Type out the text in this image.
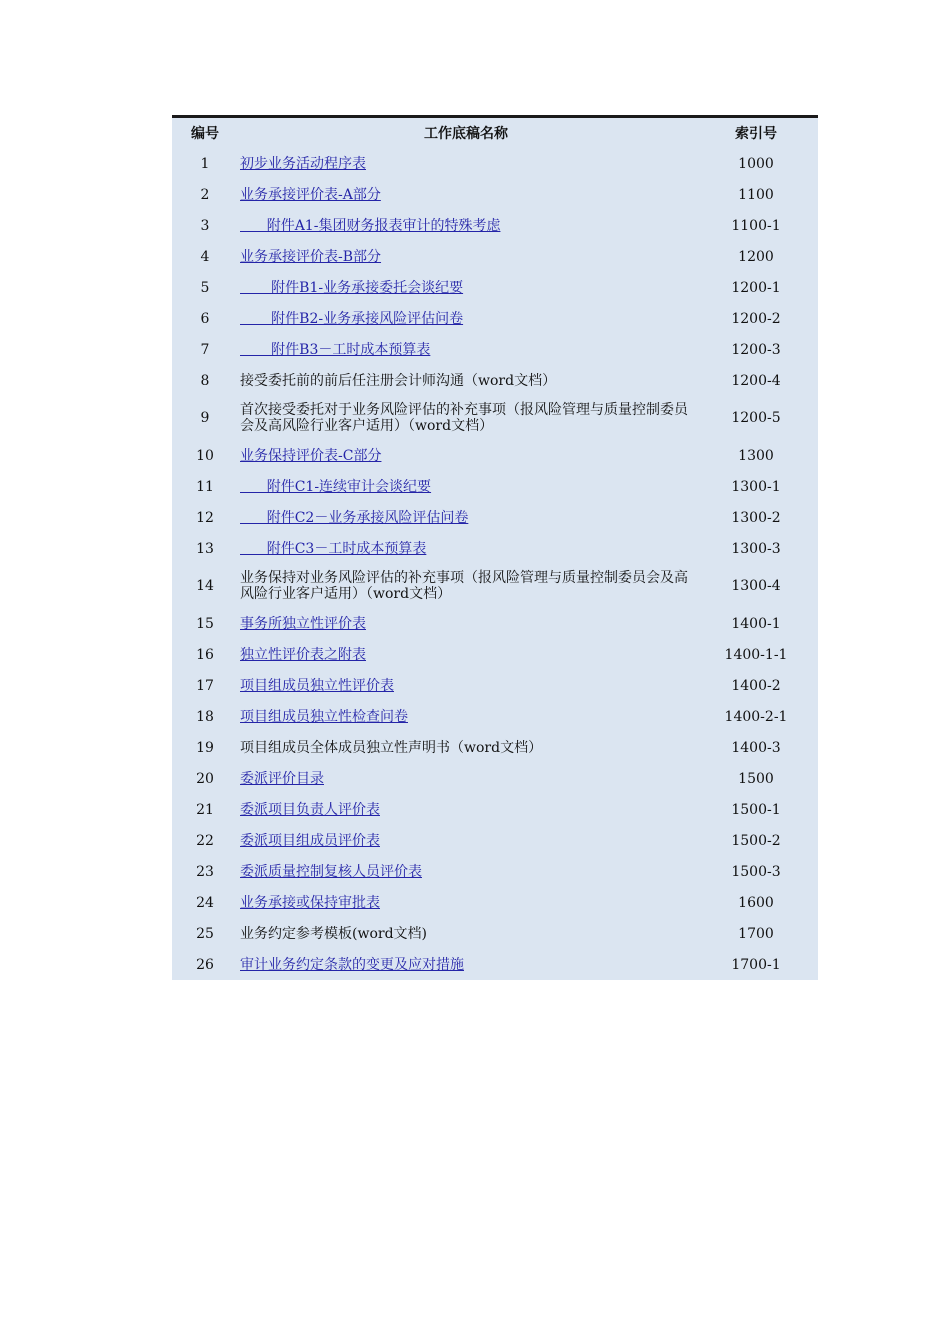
编号	工作底稿名称	索引号
1	初步业务活动程序表	1000
2	业务承接评价表-A部分	1100
3	附件A1-集团财务报表审计的特殊考虑	1100-1
4	业务承接评价表-B部分	1200
5	附件B1-业务承接委托会谈纪要	1200-1
6	附件B2-业务承接风险评估问卷	1200-2
7	附件B3－工时成本预算表	1200-3
8	接受委托前的前后任注册会计师沟通（word文档）	1200-4
9	首次接受委托对于业务风险评估的补充事项（报风险管理与质量控制委员会及高风险行业客户适用）（word文档）	1200-5
10	业务保持评价表-C部分	1300
11	附件C1-连续审计会谈纪要	1300-1
12	附件C2－业务承接风险评估问卷	1300-2
13	附件C3－工时成本预算表	1300-3
14	业务保持对业务风险评估的补充事项（报风险管理与质量控制委员会及高风险行业客户适用）（word文档）	1300-4
15	事务所独立性评价表	1400-1
16	独立性评价表之附表	1400-1-1
17	项目组成员独立性评价表	1400-2
18	项目组成员独立性检查问卷	1400-2-1
19	项目组成员全体成员独立性声明书（word文档）	1400-3
20	委派评价目录	1500
21	委派项目负责人评价表	1500-1
22	委派项目组成员评价表	1500-2
23	委派质量控制复核人员评价表	1500-3
24	业务承接或保持审批表	1600
25	业务约定参考模板(word文档)	1700
26	审计业务约定条款的变更及应对措施	1700-1
